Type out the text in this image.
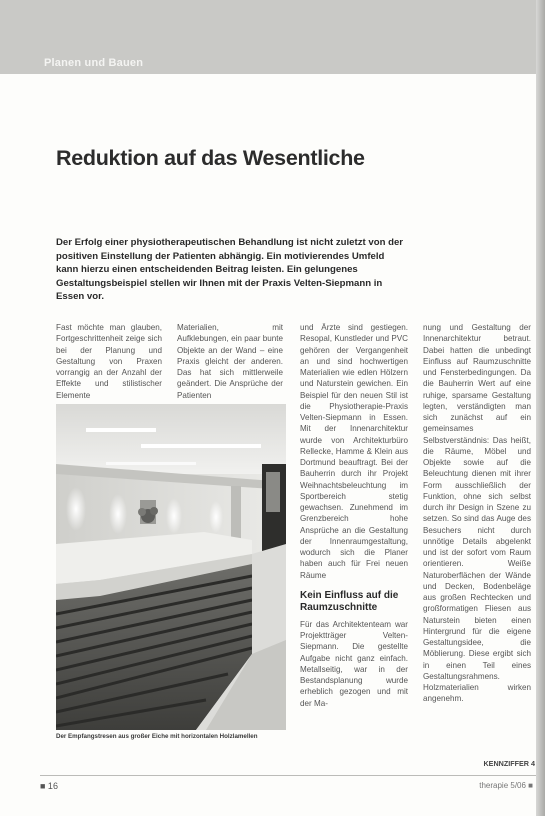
Planen und Bauen
Reduktion auf das Wesentliche

Der Erfolg einer physiotherapeutischen Behandlung ist nicht zuletzt von der positiven Einstellung der Patienten abhängig. Ein motivierendes Umfeld kann hierzu einen entscheidenden Beitrag leisten. Ein gelungenes Gestaltungsbeispiel stellen wir Ihnen mit der Praxis Velten-Siepmann in Essen vor.

Fast möchte man glauben, Fortgeschrittenheit zeige sich bei der Planung und Gestaltung von Praxen vorrangig an der Anzahl der Effekte und stilistischer Elemente

Materialien, mit Aufklebungen, ein paar bunte Objekte an der Wand – eine Praxis gleicht der anderen. Das hat sich mittlerweile geändert. Die Ansprüche der Patienten

und Ärzte sind gestiegen. Resopal, Kunstleder und PVC gehören der Vergangenheit an und sind hochwertigen Materialien wie edlen Hölzern und Naturstein gewichen. Ein Beispiel für den neuen Stil ist die Physiotherapie-Praxis Velten-Siepmann in Essen. Mit der Innenarchitektur wurde von Architekturbüro Rellecke, Hamme & Klein aus Dortmund beauftragt. Bei der Bauherrin durch ihr Projekt Weihnachtsbeleuchtung im Sportbereich stetig gewachsen. Zunehmend im Grenzbereich hohe Ansprüche an die Gestaltung der Innenraumgestaltung, wodurch sich die Planer haben auch für Frei neuen Räume

Kein Einfluss auf die Raumzuschnitte

Für das Architektenteam war Projektträger Velten-Siepmann. Die gestellte Aufgabe nicht ganz einfach. Metallseitig, war in der Bestandsplanung wurde erheblich gezogen und mit der Ma-

nung und Gestaltung der Innenarchitektur betraut. Dabei hatten die unbedingt Einfluss auf Raumzuschnitte und Fensterbedingungen. Da die Bauherrin Wert auf eine ruhige, sparsame Gestaltung legten, verständigten man sich zunächst auf ein gemeinsames Selbstverständnis: Das heißt, die Räume, Möbel und Objekte sowie auf die Beleuchtung dienen mit ihrer Form ausschließlich der Funktion, ohne sich selbst durch ihr Design in Szene zu setzen. So sind das Auge des Besuchers nicht durch unnötige Details abgelenkt und ist der sofort vom Raum orientieren. Weiße Naturoberflächen der Wände und Decken, Bodenbeläge aus großen Rechtecken und großformatigen Fliesen aus Naturstein bieten einen Hintergrund für die eigene Gestaltungsidee, die Möblierung. Diese ergibt sich in einen Teil eines Gestaltungsrahmens. Holzmaterialien wirken angenehm.

Der Empfangstresen aus großer Eiche mit horizontalen Holzlamellen
KENNZIFFER 4
■ 16	therapie 5/06 ■
